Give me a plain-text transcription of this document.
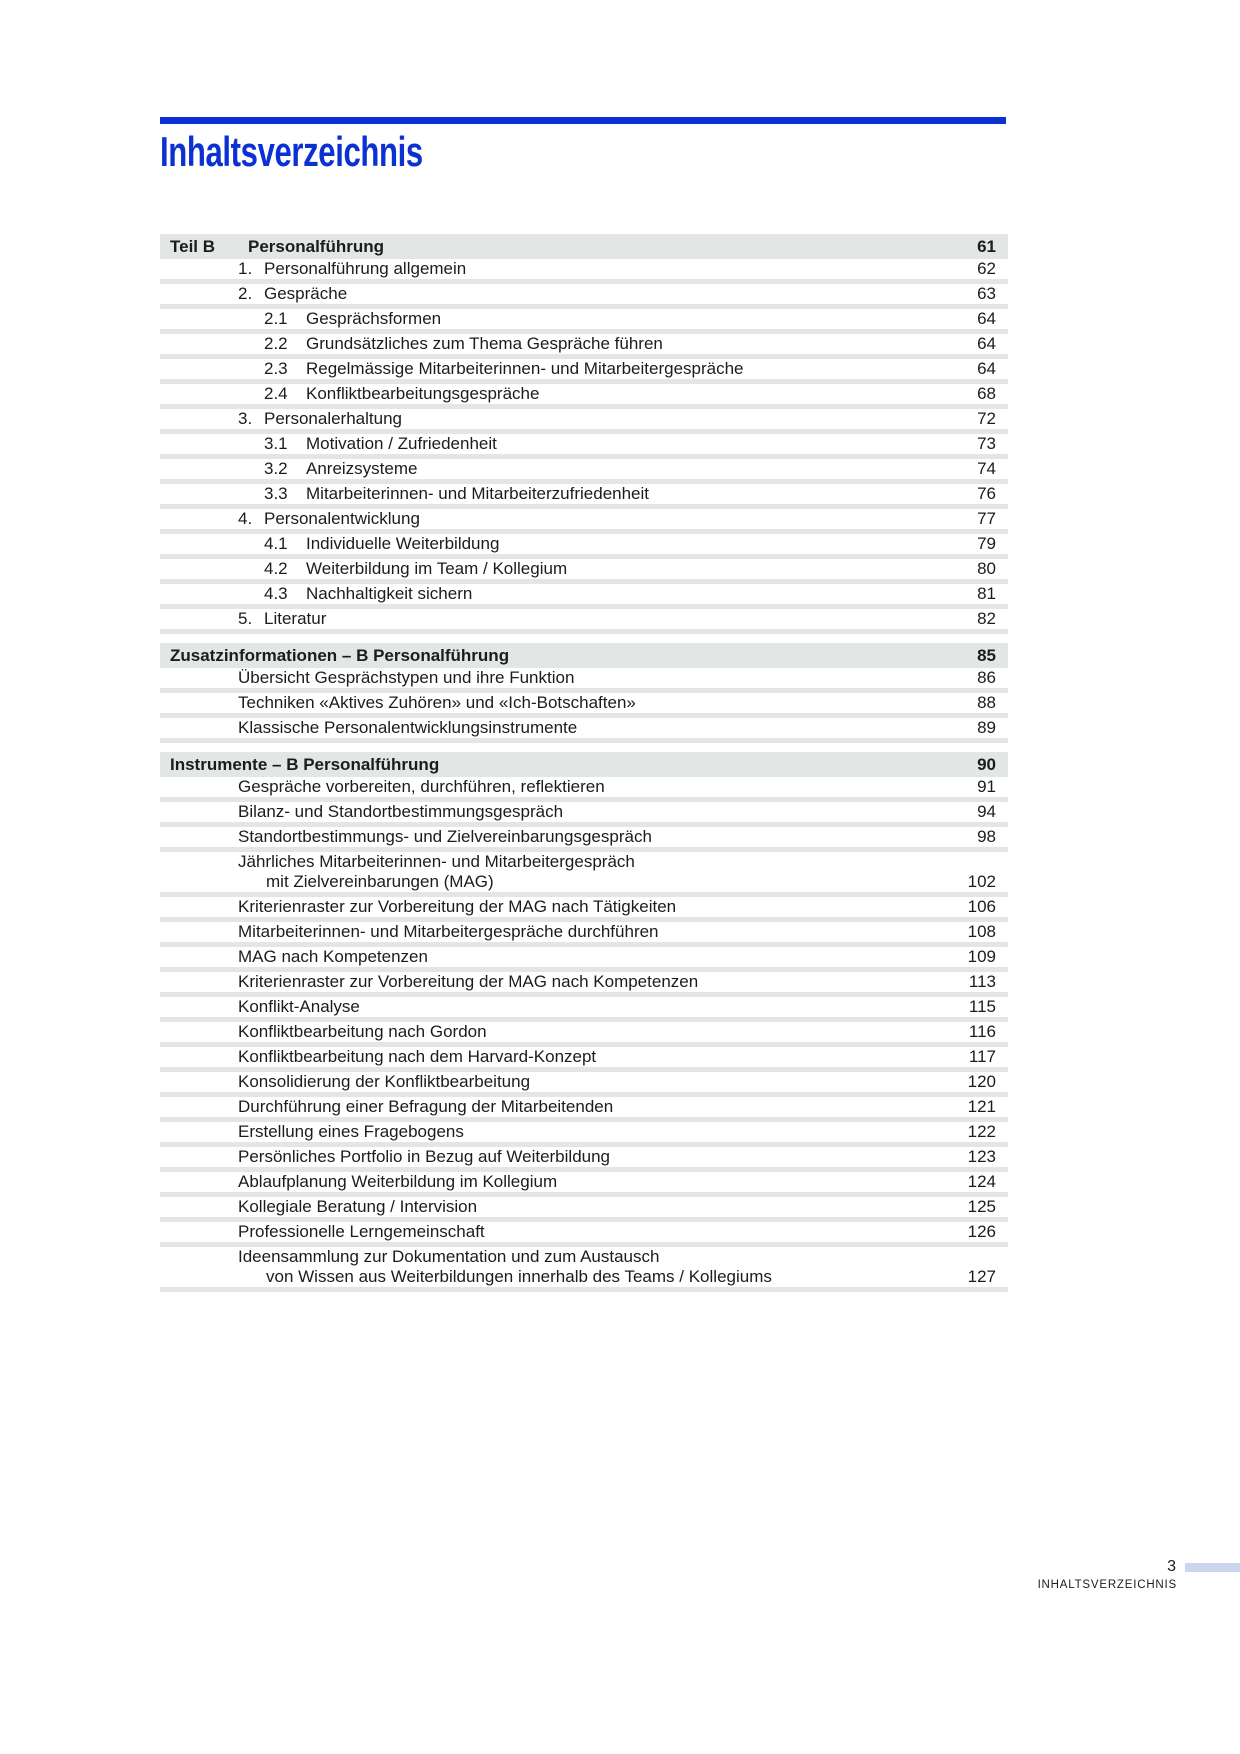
Inhaltsverzeichnis
Teil B	Personalführung	61
1. Personalführung allgemein	62
2. Gespräche	63
2.1	Gesprächsformen	64
2.2	Grundsätzliches zum Thema Gespräche führen	64
2.3	Regelmässige Mitarbeiterinnen- und Mitarbeitergespräche	64
2.4	Konfliktbearbeitungsgespräche	68
3. Personalerhaltung	72
3.1	Motivation / Zufriedenheit	73
3.2	Anreizsysteme	74
3.3	Mitarbeiterinnen- und Mitarbeiterzufriedenheit	76
4. Personalentwicklung	77
4.1	Individuelle Weiterbildung	79
4.2	Weiterbildung im Team / Kollegium	80
4.3	Nachhaltigkeit sichern	81
5. Literatur	82
Zusatzinformationen – B Personalführung	85
Übersicht Gesprächstypen und ihre Funktion	86
Techniken «Aktives Zuhören» und «Ich-Botschaften»	88
Klassische Personalentwicklungsinstrumente	89
Instrumente – B Personalführung	90
Gespräche vorbereiten, durchführen, reflektieren	91
Bilanz- und Standortbestimmungsgespräch	94
Standortbestimmungs- und Zielvereinbarungsgespräch	98
Jährliches Mitarbeiterinnen- und Mitarbeitergespräch
mit Zielvereinbarungen (MAG)	102
Kriterienraster zur Vorbereitung der MAG nach Tätigkeiten	106
Mitarbeiterinnen- und Mitarbeitergespräche durchführen	108
MAG nach Kompetenzen	109
Kriterienraster zur Vorbereitung der MAG nach Kompetenzen	113
Konflikt-Analyse	115
Konfliktbearbeitung nach Gordon	116
Konfliktbearbeitung nach dem Harvard-Konzept	117
Konsolidierung der Konfliktbearbeitung	120
Durchführung einer Befragung der Mitarbeitenden	121
Erstellung eines Fragebogens	122
Persönliches Portfolio in Bezug auf Weiterbildung	123
Ablaufplanung Weiterbildung im Kollegium	124
Kollegiale Beratung / Intervision	125
Professionelle Lerngemeinschaft	126
Ideensammlung zur Dokumentation und zum Austausch
von Wissen aus Weiterbildungen innerhalb des Teams / Kollegiums	127
3
INHALTSVERZEICHNIS
